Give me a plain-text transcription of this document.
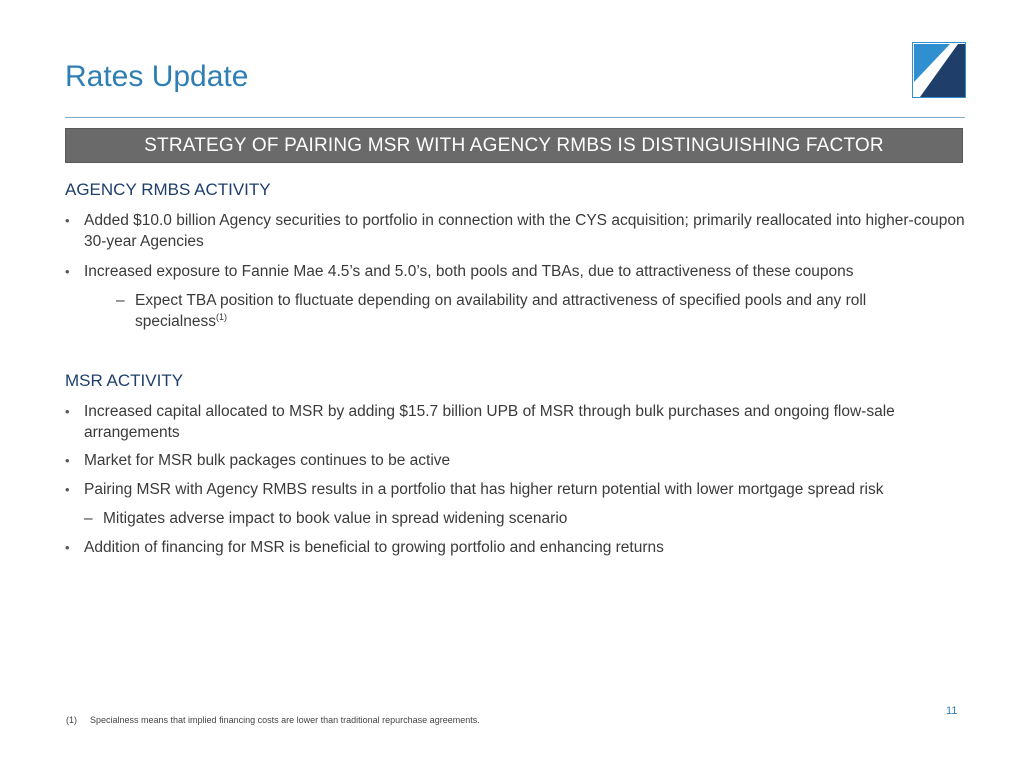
Rates Update
STRATEGY OF PAIRING MSR WITH AGENCY RMBS IS DISTINGUISHING FACTOR
AGENCY RMBS ACTIVITY
• Added $10.0 billion Agency securities to portfolio in connection with the CYS acquisition; primarily reallocated into higher-coupon 30-year Agencies
• Increased exposure to Fannie Mae 4.5’s and 5.0’s, both pools and TBAs, due to attractiveness of these coupons
– Expect TBA position to fluctuate depending on availability and attractiveness of specified pools and any roll specialness$^{(1)}$
MSR ACTIVITY
• Increased capital allocated to MSR by adding $15.7 billion UPB of MSR through bulk purchases and ongoing flow-sale arrangements
• Market for MSR bulk packages continues to be active
• Pairing MSR with Agency RMBS results in a portfolio that has higher return potential with lower mortgage spread risk
– Mitigates adverse impact to book value in spread widening scenario
• Addition of financing for MSR is beneficial to growing portfolio and enhancing returns
11
(1) Specialness means that implied financing costs are lower than traditional repurchase agreements.
